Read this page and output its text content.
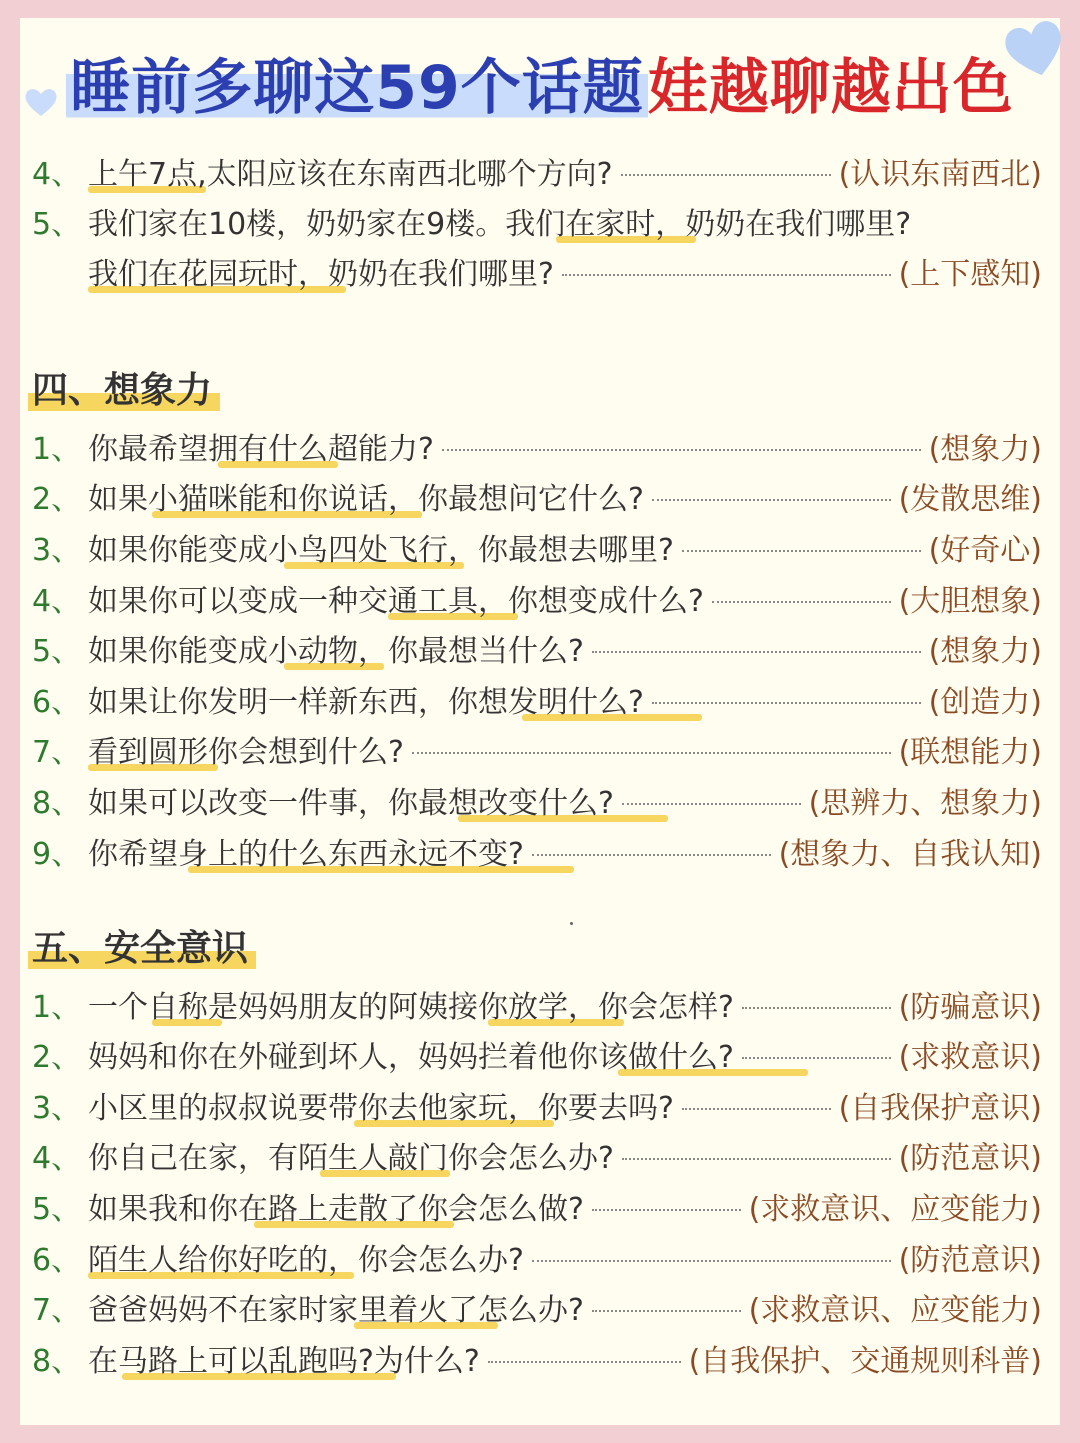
睡前多聊这59个话题娃越聊越出色
4、 上午7点,太阳应该在东南西北哪个方向?	(认识东南西北)
5、 我们家在10楼，奶奶家在9楼。我们在家时，奶奶在我们哪里?
我们在花园玩时，奶奶在我们哪里?	(上下感知)
四、想象力
1、 你最希望拥有什么超能力?	(想象力)
2、 如果小猫咪能和你说话，你最想问它什么?	(发散思维)
3、 如果你能变成小鸟四处飞行，你最想去哪里?	(好奇心)
4、 如果你可以变成一种交通工具，你想变成什么?	(大胆想象)
5、 如果你能变成小动物，你最想当什么?	(想象力)
6、 如果让你发明一样新东西，你想发明什么?	(创造力)
7、 看到圆形你会想到什么?	(联想能力)
8、 如果可以改变一件事，你最想改变什么?	(思辨力、想象力)
9、 你希望身上的什么东西永远不变?	(想象力、自我认知)
五、安全意识
1、 一个自称是妈妈朋友的阿姨接你放学，你会怎样?	(防骗意识)
2、 妈妈和你在外碰到坏人，妈妈拦着他你该做什么?	(求救意识)
3、 小区里的叔叔说要带你去他家玩，你要去吗?	(自我保护意识)
4、 你自己在家，有陌生人敲门你会怎么办?	(防范意识)
5、 如果我和你在路上走散了你会怎么做?	(求救意识、应变能力)
6、 陌生人给你好吃的，你会怎么办?	(防范意识)
7、 爸爸妈妈不在家时家里着火了怎么办?	(求救意识、应变能力)
8、 在马路上可以乱跑吗?为什么?	(自我保护、交通规则科普)
